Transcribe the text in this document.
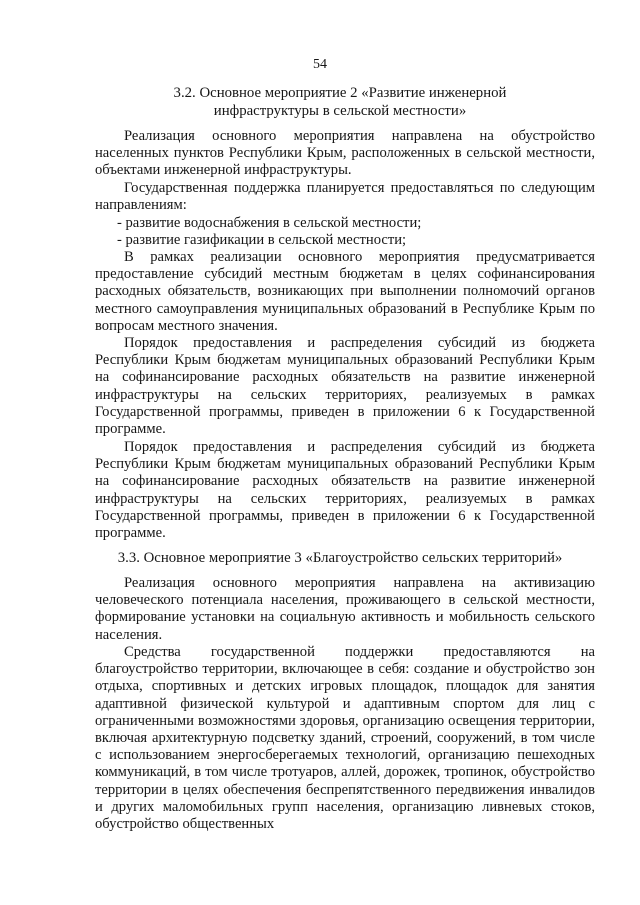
54
3.2. Основное мероприятие 2 «Развитие инженерной
инфраструктуры в сельской местности»

Реализация основного мероприятия направлена на обустройство населенных пунктов Республики Крым, расположенных в сельской местности, объектами инженерной инфраструктуры.

Государственная поддержка планируется предоставляться по следующим направлениям:

- развитие водоснабжения в сельской местности;

- развитие газификации в сельской местности;

В рамках реализации основного мероприятия предусматривается предоставление субсидий местным бюджетам в целях софинансирования расходных обязательств, возникающих при выполнении полномочий органов местного самоуправления муниципальных образований в Республике Крым по вопросам местного значения.

Порядок предоставления и распределения субсидий из бюджета Республики Крым бюджетам муниципальных образований Республики Крым на софинансирование расходных обязательств на развитие инженерной инфраструктуры на сельских территориях, реализуемых в рамках Государственной программы, приведен в приложении 6 к Государственной программе.

Порядок предоставления и распределения субсидий из бюджета Республики Крым бюджетам муниципальных образований Республики Крым на софинансирование расходных обязательств на развитие инженерной инфраструктуры на сельских территориях, реализуемых в рамках Государственной программы, приведен в приложении 6 к Государственной программе.

3.3. Основное мероприятие 3 «Благоустройство сельских территорий»

Реализация основного мероприятия направлена на активизацию человеческого потенциала населения, проживающего в сельской местности, формирование установки на социальную активность и мобильность сельского населения.

Средства государственной поддержки предоставляются на благоустройство территории, включающее в себя: создание и обустройство зон отдыха, спортивных и детских игровых площадок, площадок для занятия адаптивной физической культурой и адаптивным спортом для лиц с ограниченными возможностями здоровья, организацию освещения территории, включая архитектурную подсветку зданий, строений, сооружений, в том числе с использованием энергосберегаемых технологий, организацию пешеходных коммуникаций, в том числе тротуаров, аллей, дорожек, тропинок, обустройство территории в целях обеспечения беспрепятственного передвижения инвалидов и других маломобильных групп населения, организацию ливневых стоков, обустройство общественных
